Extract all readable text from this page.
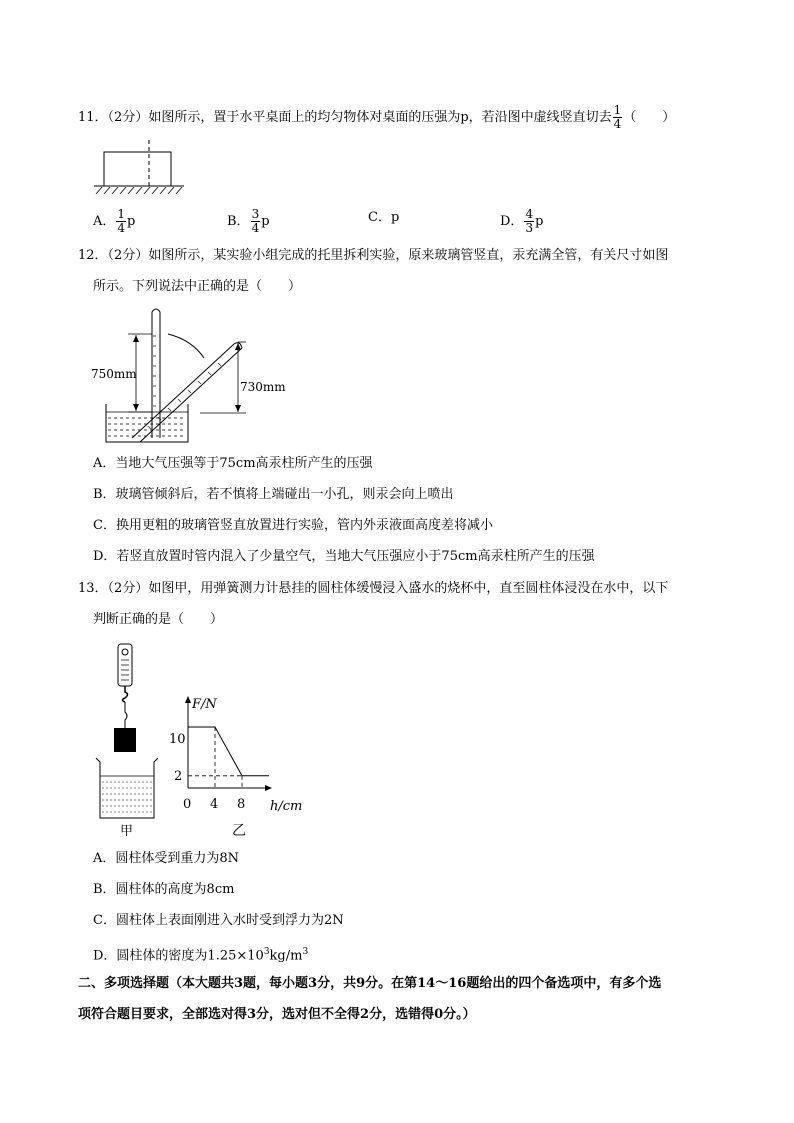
11．（2分）如图所示，置于水平桌面上的均匀物体对桌面的压强为p，若沿图中虚线竖直切去 $\frac{1}{4}$ （　　）
A． $\frac{1}{4}$ p	B． $\frac{3}{4}$ p	C．p	D． $\frac{4}{3}$ p
12．（2分）如图所示，某实验小组完成的托里拆利实验，原来玻璃管竖直，汞充满全管，有关尺寸如图
所示。下列说法中正确的是（　　）
750mm
730mm
A．当地大气压强等于75cm高汞柱所产生的压强
B．玻璃管倾斜后，若不慎将上端碰出一小孔，则汞会向上喷出
C．换用更粗的玻璃管竖直放置进行实验，管内外汞液面高度差将减小
D．若竖直放置时管内混入了少量空气，当地大气压强应小于75cm高汞柱所产生的压强
13．（2分）如图甲，用弹簧测力计悬挂的圆柱体缓慢浸入盛水的烧杯中，直至圆柱体浸没在水中，以下
判断正确的是（　　）
甲
F/N
10
2
0 4 8 h/cm
乙
A．圆柱体受到重力为8N
B．圆柱体的高度为8cm
C．圆柱体上表面刚进入水时受到浮力为2N
D．圆柱体的密度为$1.25\times 10^3kg/m^3$
二、多项选择题（本大题共3题，每小题3分，共9分。在第14～16题给出的四个备选项中，有多个选
项符合题目要求，全部选对得3分，选对但不全得2分，选错得0分。）
